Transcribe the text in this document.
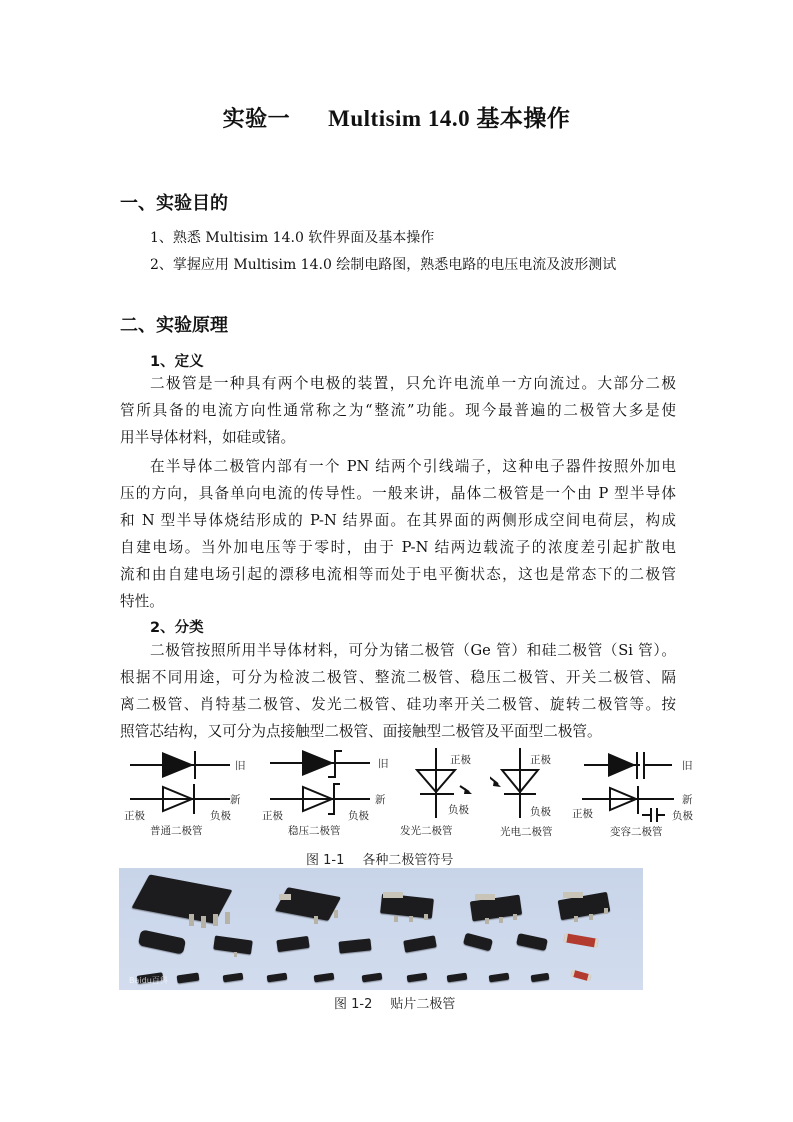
实验一 Multisim 14.0 基本操作
一、实验目的
1、熟悉 Multisim 14.0 软件界面及基本操作
2、掌握应用 Multisim 14.0 绘制电路图，熟悉电路的电压电流及波形测试
二、实验原理
1、定义
二极管是一种具有两个电极的装置，只允许电流单一方向流过。大部分二极
管所具备的电流方向性通常称之为“整流”功能。现今最普遍的二极管大多是使
用半导体材料，如硅或锗。
在半导体二极管内部有一个 PN 结两个引线端子，这种电子器件按照外加电
压的方向，具备单向电流的传导性。一般来讲，晶体二极管是一个由 P 型半导体
和 N 型半导体烧结形成的 P-N 结界面。在其界面的两侧形成空间电荷层，构成
自建电场。当外加电压等于零时，由于 P-N 结两边载流子的浓度差引起扩散电
流和由自建电场引起的漂移电流相等而处于电平衡状态，这也是常态下的二极管
特性。
2、分类
二极管按照所用半导体材料，可分为锗二极管（Ge 管）和硅二极管（Si 管）。
根据不同用途，可分为检波二极管、整流二极管、稳压二极管、开关二极管、隔
离二极管、肖特基二极管、发光二极管、硅功率开关二极管、旋转二极管等。按
照管芯结构，又可分为点接触型二极管、面接触型二极管及平面型二极管。
旧
新
正极	负极
普通二极管
旧
新
正极	负极
稳压二极管
正极
负极
发光二极管
正极
负极
光电二极管
旧
新
正极	负极
变容二极管
图 1-1 各种二极管符号
Baidu百科
图 1-2 贴片二极管
